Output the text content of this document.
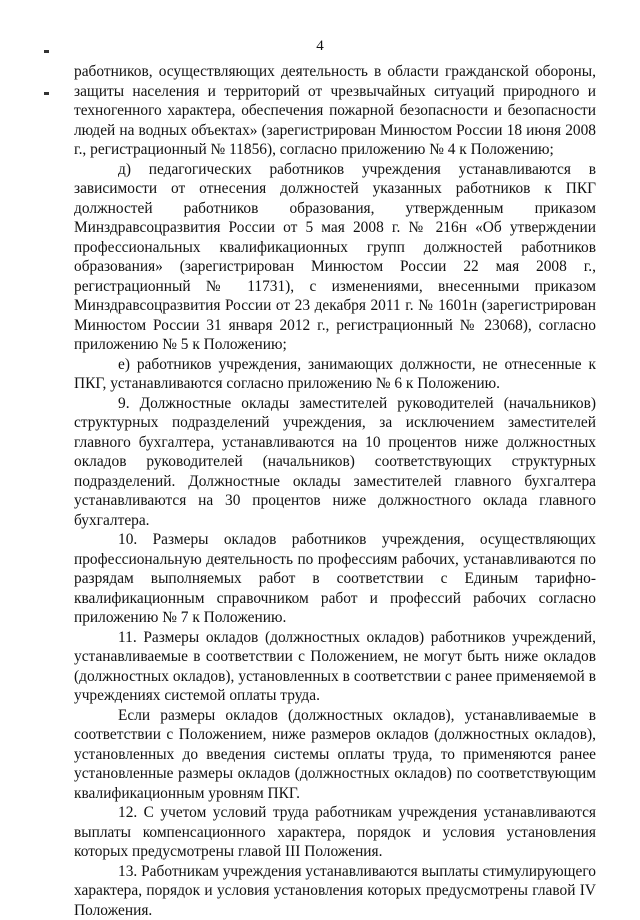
4

работников, осуществляющих деятельность в области гражданской обороны, защиты населения и территорий от чрезвычайных ситуаций природного и техногенного характера, обеспечения пожарной безопасности и безопасности людей на водных объектах» (зарегистрирован Минюстом России 18 июня 2008 г., регистрационный № 11856), согласно приложению № 4 к Положению;

д) педагогических работников учреждения устанавливаются в зависимости от отнесения должностей указанных работников к ПКГ должностей работников образования, утвержденным приказом Минздравсоцразвития России от 5 мая 2008 г. № 216н «Об утверждении профессиональных квалификационных групп должностей работников образования» (зарегистрирован Минюстом России 22 мая 2008 г., регистрационный № 11731), с изменениями, внесенными приказом Минздравсоцразвития России от 23 декабря 2011 г. № 1601н (зарегистрирован Минюстом России 31 января 2012 г., регистрационный № 23068), согласно приложению № 5 к Положению;

е) работников учреждения, занимающих должности, не отнесенные к ПКГ, устанавливаются согласно приложению № 6 к Положению.

9. Должностные оклады заместителей руководителей (начальников) структурных подразделений учреждения, за исключением заместителей главного бухгалтера, устанавливаются на 10 процентов ниже должностных окладов руководителей (начальников) соответствующих структурных подразделений. Должностные оклады заместителей главного бухгалтера устанавливаются на 30 процентов ниже должностного оклада главного бухгалтера.

10. Размеры окладов работников учреждения, осуществляющих профессиональную деятельность по профессиям рабочих, устанавливаются по разрядам выполняемых работ в соответствии с Единым тарифно-квалификационным справочником работ и профессий рабочих согласно приложению № 7 к Положению.

11. Размеры окладов (должностных окладов) работников учреждений, устанавливаемые в соответствии с Положением, не могут быть ниже окладов (должностных окладов), установленных в соответствии с ранее применяемой в учреждениях системой оплаты труда.

Если размеры окладов (должностных окладов), устанавливаемые в соответствии с Положением, ниже размеров окладов (должностных окладов), установленных до введения системы оплаты труда, то применяются ранее установленные размеры окладов (должностных окладов) по соответствующим квалификационным уровням ПКГ.

12. С учетом условий труда работникам учреждения устанавливаются выплаты компенсационного характера, порядок и условия установления которых предусмотрены главой III Положения.

13. Работникам учреждения устанавливаются выплаты стимулирующего характера, порядок и условия установления которых предусмотрены главой IV Положения.
